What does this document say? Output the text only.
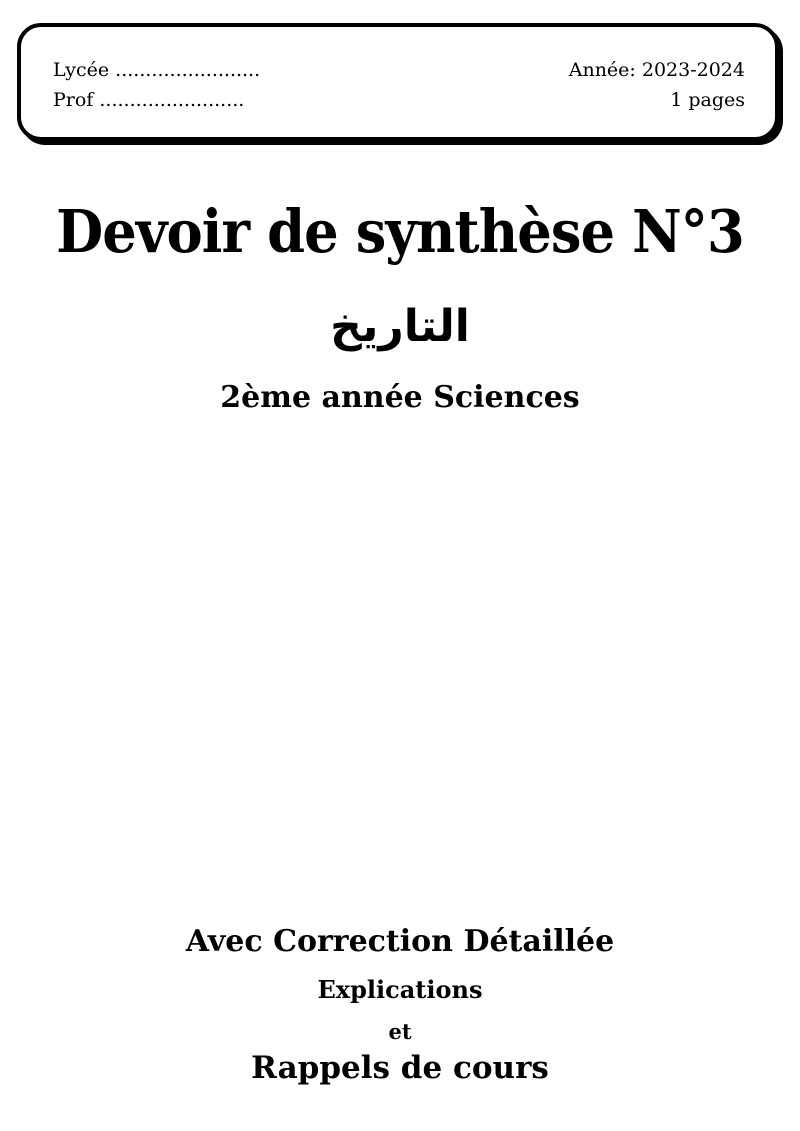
Lycée ........................
Prof ........................
Année: 2023-2024
1 pages
Devoir de synthèse N°3
التاريخ
2ème année Sciences
Avec Correction Détaillée
Explications
et
Rappels de cours
